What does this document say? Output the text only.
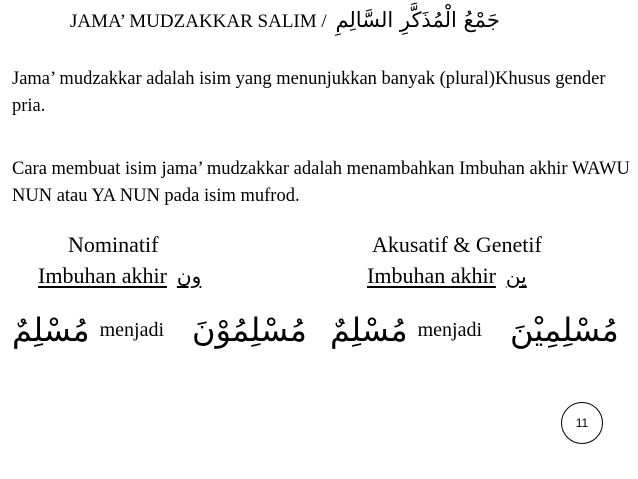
JAMA’ MUDZAKKAR SALIM / جَمْعُ الْمُذَكَّرِ السَّالِمِ
Jama’ mudzakkar adalah isim yang menunjukkan banyak (plural)Khusus gender pria.
Cara membuat isim jama’ mudzakkar adalah menambahkan Imbuhan akhir WAWU NUN atau YA NUN pada isim mufrod.
Nominatif	Akusatif & Genetif
Imbuhan akhir ون	Imbuhan akhir ين
مُسْلِمٌ menjadi مُسْلِمُوْنَ مُسْلِمٌ menjadi مُسْلِمِيْنَ
11
